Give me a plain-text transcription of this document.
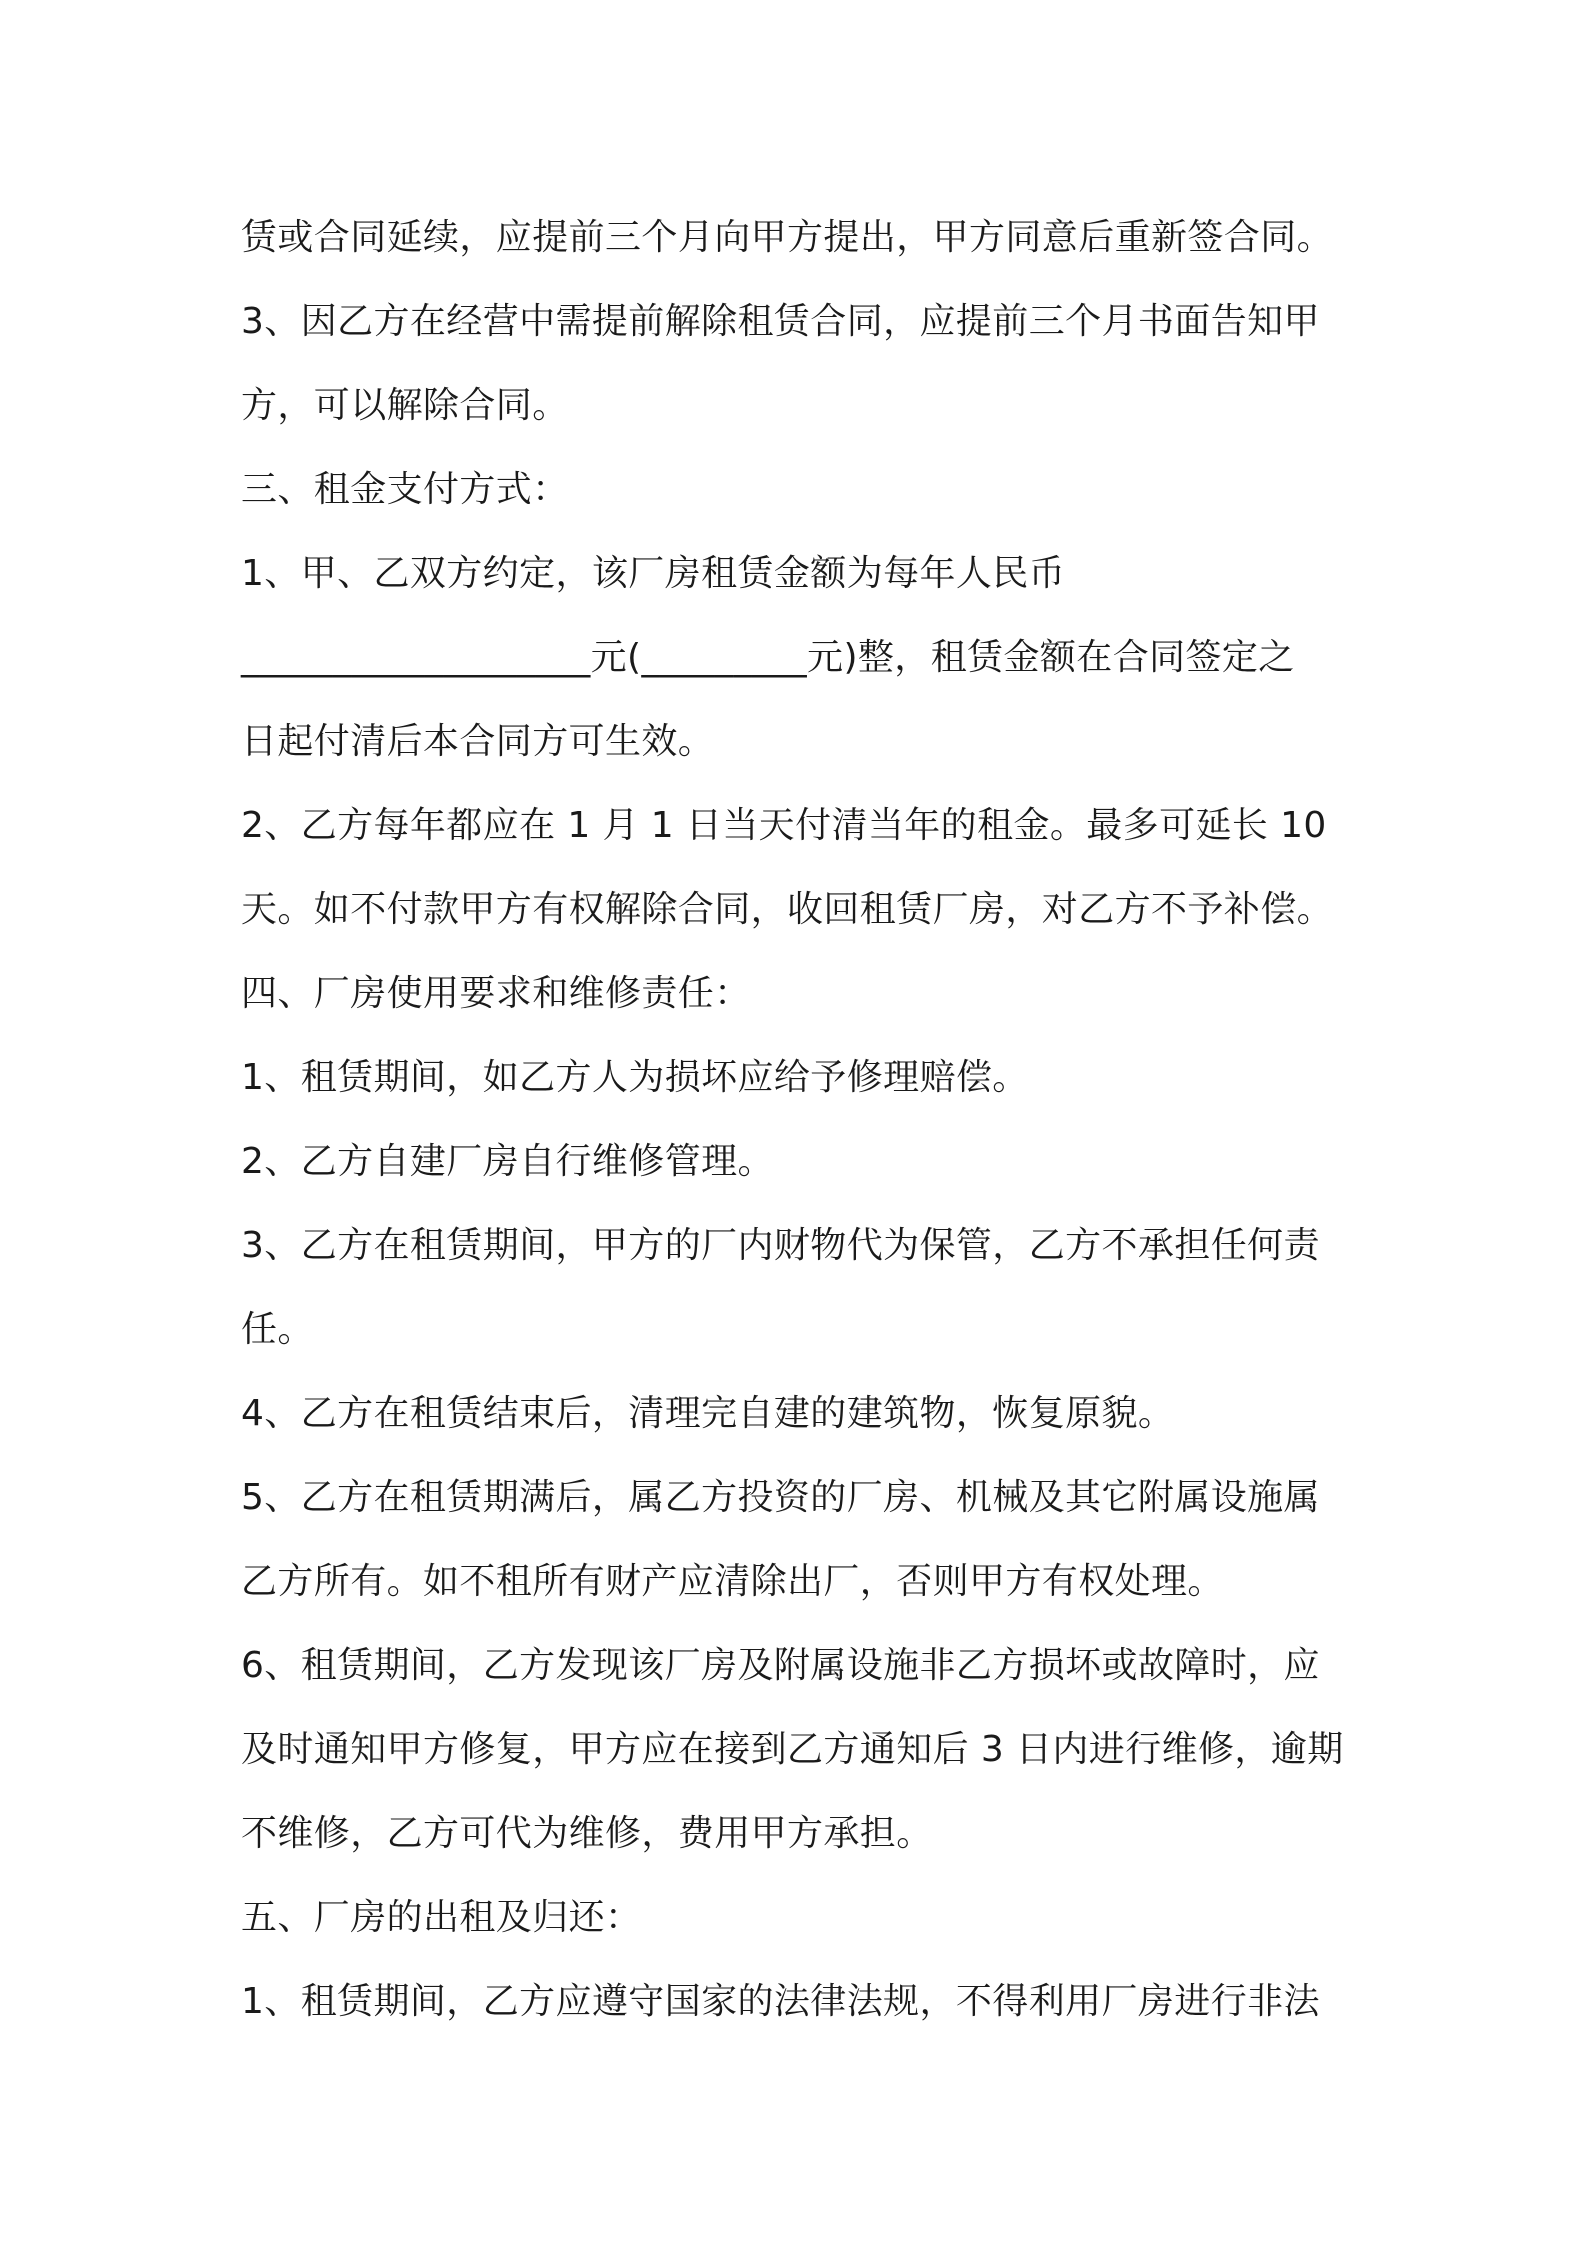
赁或合同延续，应提前三个月向甲方提出，甲方同意后重新签合同。
3、因乙方在经营中需提前解除租赁合同，应提前三个月书面告知甲
方，可以解除合同。
三、租金支付方式：
1、甲、乙双方约定，该厂房租赁金额为每年人民币
___________________元(_________元)整，租赁金额在合同签定之
日起付清后本合同方可生效。
2、乙方每年都应在 1 月 1 日当天付清当年的租金。最多可延长 10
天。如不付款甲方有权解除合同，收回租赁厂房，对乙方不予补偿。
四、厂房使用要求和维修责任：
1、租赁期间，如乙方人为损坏应给予修理赔偿。
2、乙方自建厂房自行维修管理。
3、乙方在租赁期间，甲方的厂内财物代为保管，乙方不承担任何责
任。
4、乙方在租赁结束后，清理完自建的建筑物，恢复原貌。
5、乙方在租赁期满后，属乙方投资的厂房、机械及其它附属设施属
乙方所有。如不租所有财产应清除出厂，否则甲方有权处理。
6、租赁期间，乙方发现该厂房及附属设施非乙方损坏或故障时，应
及时通知甲方修复，甲方应在接到乙方通知后 3 日内进行维修，逾期
不维修，乙方可代为维修，费用甲方承担。
五、厂房的出租及归还：
1、租赁期间，乙方应遵守国家的法律法规，不得利用厂房进行非法
